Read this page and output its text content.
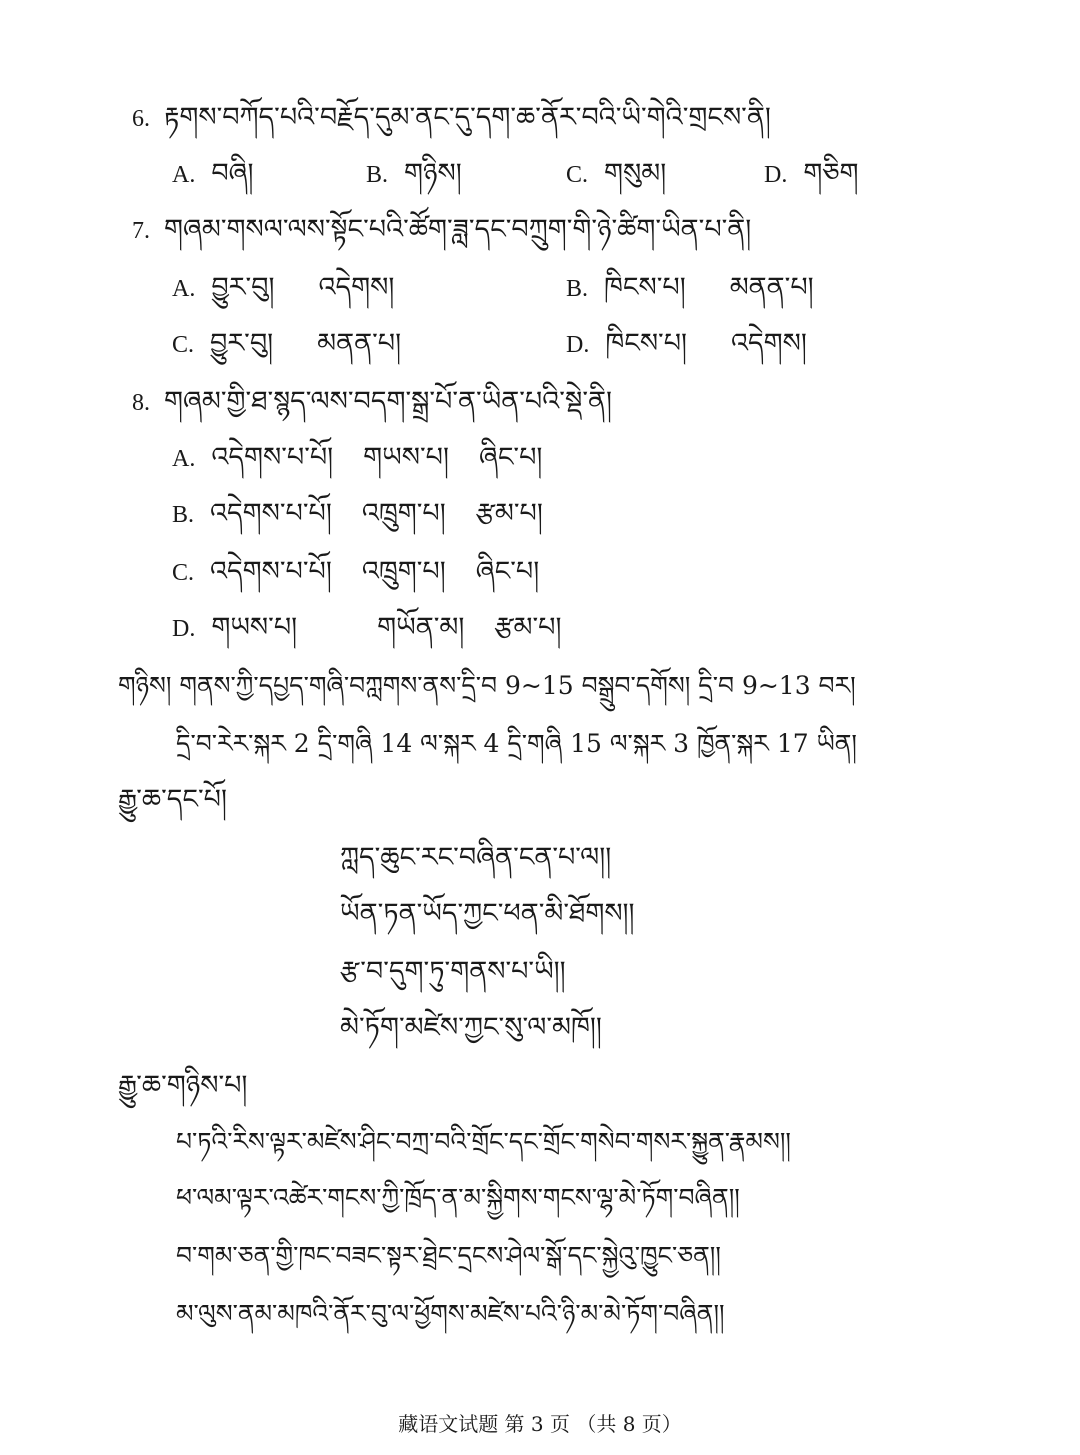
6. རྟགས་བཀོད་པའི་བརྗོད་དུམ་ནང་དུ་དག་ཆ་ནོར་བའི་ཡི་གེའི་གྲངས་ནི།
A. བཞི།	B. གཉིས།	C. གསུམ།	D. གཅིག
7. གཞམ་གསལ་ལས་སྟོང་པའི་ཚོག་ཟླ་དང་བཀྲུག་གི་ཉེ་ཚིག་ཡིན་པ་ནི།
A. བྱུར་བུ། འདེགས།	B. ཁིངས་པ། མནན་པ།
C. བྱུར་བུ། མནན་པ།	D. ཁིངས་པ། འདེགས།
8. གཞམ་གྱི་ཐ་སྙད་ལས་བདག་སྒྲ་པོ་ན་ཡིན་པའི་སྡེ་ནི།
A. འདེགས་པ་པོ། གཡས་པ། ཞིང་པ།
B. འདེགས་པ་པོ། འཁྲུག་པ། རྩམ་པ།
C. འདེགས་པ་པོ། འཁྲུག་པ། ཞིང་པ།
D. གཡས་པ།	གཡོན་མ། རྩམ་པ།
གཉིས། གནས་ཀྱི་དཔྱད་གཞི་བཀླགས་ནས་དྲི་བ 9~15 བསྒྲུབ་དགོས། དྲི་བ 9~13 བར།
དྲི་བ་རེར་སྐར 2 དྲི་གཞི 14 ལ་སྐར 4 དྲི་གཞི 15 ལ་སྐར 3 ཁྱོན་སྐར 17 ཡིན།
རྒྱུ་ཆ་དང་པོ།
ཀླད་ཆུང་རང་བཞིན་ངན་པ་ལ།།
ཡོན་ཏན་ཡོད་ཀྱང་ཕན་མི་ཐོགས།།
རྩ་བ་དུག་ཏུ་གནས་པ་ཡི།།
མེ་ཏོག་མཛེས་ཀྱང་སུ་ལ་མཁོ།།
རྒྱུ་ཆ་གཉིས་པ།
པ་ཏའི་རིས་ལྟར་མཛེས་ཤིང་བཀྲ་བའི་གྲོང་དང་གྲོང་གསེབ་གསར་སྐྱུན་རྣམས།།
ཕ་ལམ་ལྟར་འཚེར་གངས་ཀྱི་ཁྲོད་ན་མ་སྐྱིགས་གངས་ལྷ་མེ་ཏོག་བཞིན།།
བ་གམ་ཅན་གྱི་ཁང་བཟང་སྟར་ཐྲེང་དྲངས་ཤེལ་སྒོ་དང་སྐྱེའུ་ཁྱུང་ཅན།།
མ་ལུས་ནམ་མཁའི་ནོར་བུ་ལ་ཕྱོགས་མཛེས་པའི་ཉི་མ་མེ་ཏོག་བཞིན།།
藏语文试题 第 3 页 （共 8 页）
